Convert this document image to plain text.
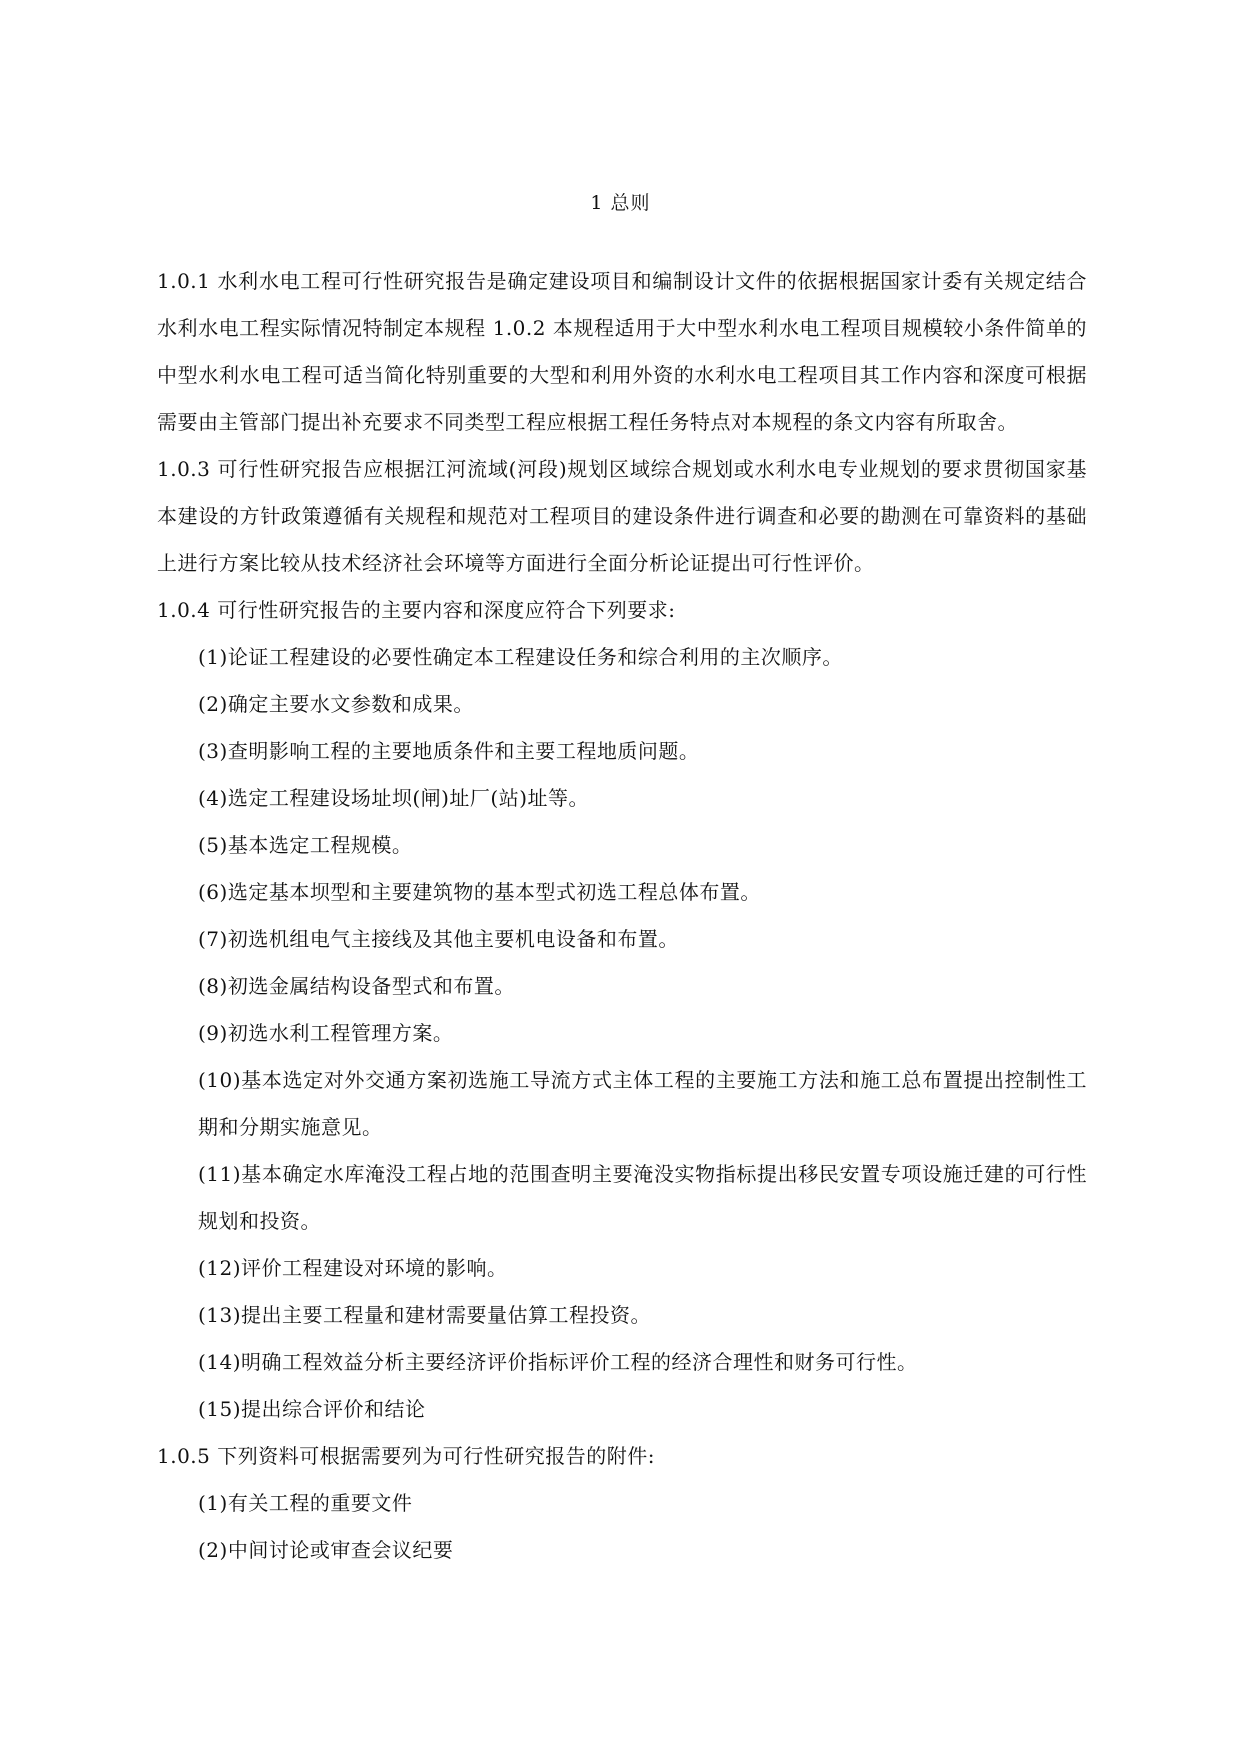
1 总则

1.0.1 水利水电工程可行性研究报告是确定建设项目和编制设计文件的依据根据国家计委有关规定结合水利水电工程实际情况特制定本规程 1.0.2 本规程适用于大中型水利水电工程项目规模较小条件简单的中型水利水电工程可适当简化特别重要的大型和利用外资的水利水电工程项目其工作内容和深度可根据需要由主管部门提出补充要求不同类型工程应根据工程任务特点对本规程的条文内容有所取舍。

1.0.3 可行性研究报告应根据江河流域(河段)规划区域综合规划或水利水电专业规划的要求贯彻国家基本建设的方针政策遵循有关规程和规范对工程项目的建设条件进行调查和必要的勘测在可靠资料的基础上进行方案比较从技术经济社会环境等方面进行全面分析论证提出可行性评价。

1.0.4 可行性研究报告的主要内容和深度应符合下列要求:

(1)论证工程建设的必要性确定本工程建设任务和综合利用的主次顺序。

(2)确定主要水文参数和成果。

(3)查明影响工程的主要地质条件和主要工程地质问题。

(4)选定工程建设场址坝(闸)址厂(站)址等。

(5)基本选定工程规模。

(6)选定基本坝型和主要建筑物的基本型式初选工程总体布置。

(7)初选机组电气主接线及其他主要机电设备和布置。

(8)初选金属结构设备型式和布置。

(9)初选水利工程管理方案。

(10)基本选定对外交通方案初选施工导流方式主体工程的主要施工方法和施工总布置提出控制性工期和分期实施意见。

(11)基本确定水库淹没工程占地的范围查明主要淹没实物指标提出移民安置专项设施迁建的可行性规划和投资。

(12)评价工程建设对环境的影响。

(13)提出主要工程量和建材需要量估算工程投资。

(14)明确工程效益分析主要经济评价指标评价工程的经济合理性和财务可行性。

(15)提出综合评价和结论

1.0.5 下列资料可根据需要列为可行性研究报告的附件:

(1)有关工程的重要文件

(2)中间讨论或审查会议纪要
